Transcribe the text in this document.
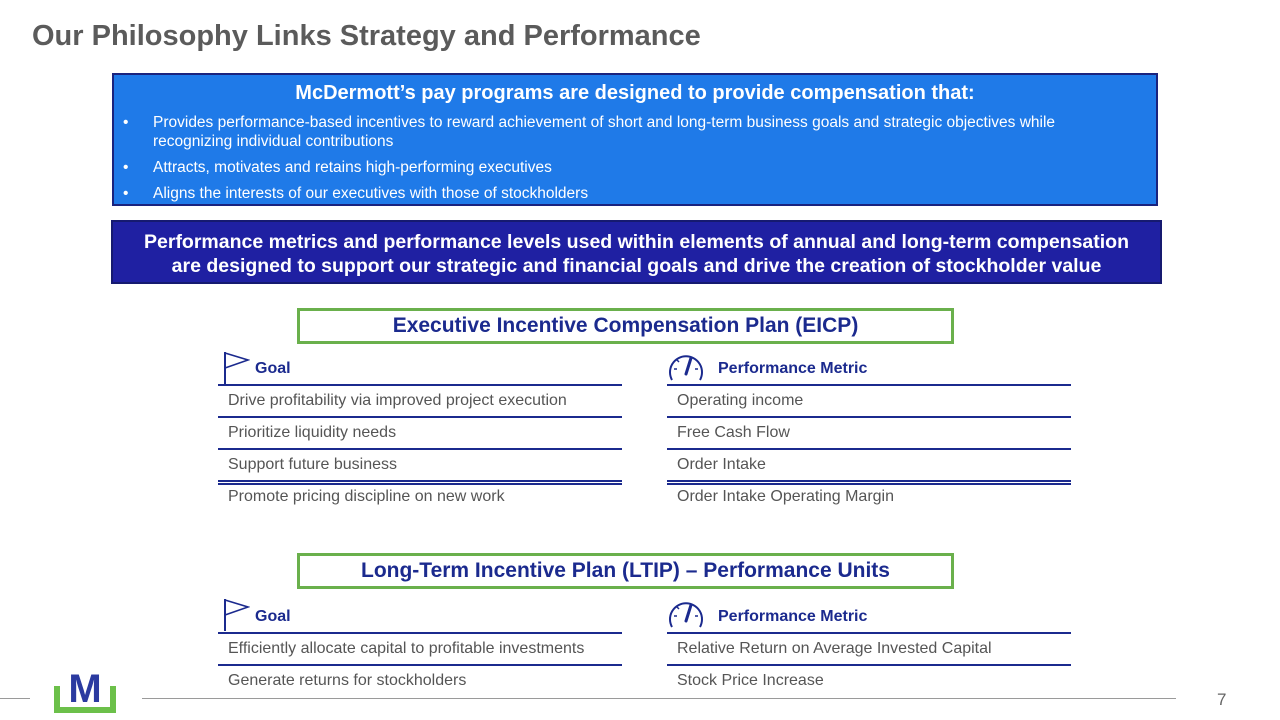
Our Philosophy Links Strategy and Performance
McDermott’s pay programs are designed to provide compensation that:
• Provides performance-based incentives to reward achievement of short and long-term business goals and strategic objectives while recognizing individual contributions
• Attracts, motivates and retains high-performing executives
• Aligns the interests of our executives with those of stockholders
Performance metrics and performance levels used within elements of annual and long-term compensation
are designed to support our strategic and financial goals and drive the creation of stockholder value
Executive Incentive Compensation Plan (EICP)
Goal
Drive profitability via improved project execution
Prioritize liquidity needs
Support future business
Promote pricing discipline on new work
Performance Metric
Operating income
Free Cash Flow
Order Intake
Order Intake Operating Margin
Long-Term Incentive Plan (LTIP) – Performance Units
Goal
Efficiently allocate capital to profitable investments
Generate returns for stockholders
Performance Metric
Relative Return on Average Invested Capital
Stock Price Increase
M	7
